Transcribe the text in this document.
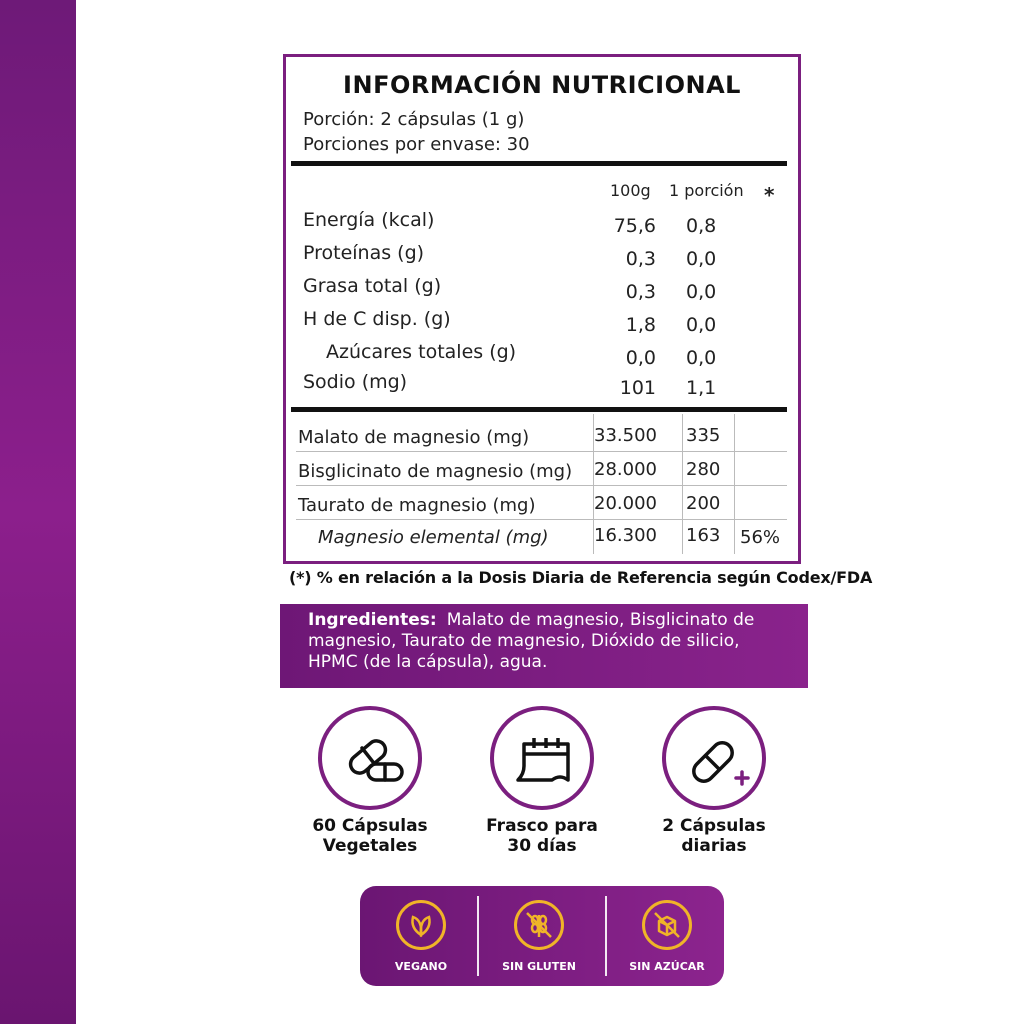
INFORMACIÓN NUTRICIONAL
Porción: 2 cápsulas (1 g)
Porciones por envase: 30
100g 1 porción *
Energía (kcal)	75,6 0,8
Proteínas (g)	0,3 0,0
Grasa total (g)	0,3 0,0
H de C disp. (g)	1,8 0,0
Azúcares totales (g)	0,0 0,0
Sodio (mg)	101 1,1
Malato de magnesio (mg)	33.500 335
Bisglicinato de magnesio (mg) 28.000 280
Taurato de magnesio (mg)	20.000 200
Magnesio elemental (mg)	16.300 163 56%
(*) % en relación a la Dosis Diaria de Referencia según Codex/FDA
Ingredientes: Malato de magnesio, Bisglicinato de magnesio, Taurato de magnesio, Dióxido de silicio, HPMC (de la cápsula), agua.
60 Cápsulas
Vegetales
Frasco para
30 días
2 Cápsulas
diarias
VEGANO	SIN GLUTEN	SIN AZÚCAR
